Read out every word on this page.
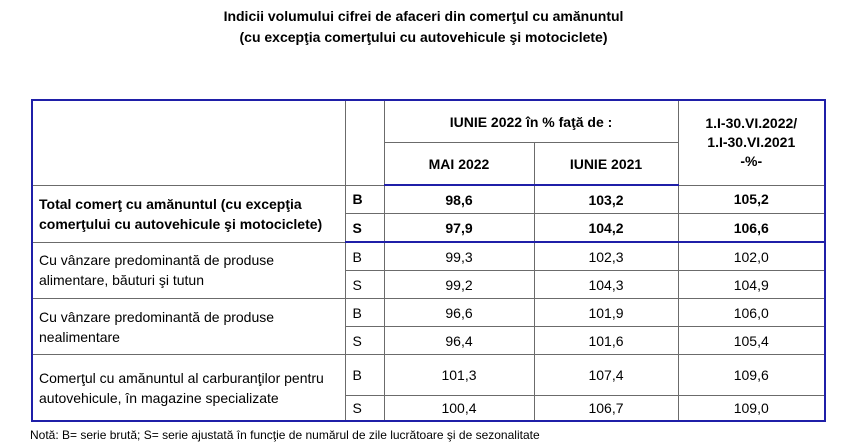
Indicii volumului cifrei de afaceri din comerţul cu amănuntul
(cu excepţia comerţului cu autovehicule şi motociclete)
		IUNIE 2022 în % faţă de :		1.I-30.VI.2022/
1.I-30.VI.2021
-%-

		MAI 2022	IUNIE 2021	
Total comerţ cu amănuntul (cu excepţia comerţului cu autovehicule şi motociclete)	B	98,6	103,2	105,2
	S	97,9	104,2	106,6
Cu vânzare predominantă de produse alimentare, băuturi şi tutun	B	99,3	102,3	102,0
	S	99,2	104,3	104,9
Cu vânzare predominantă de produse nealimentare	B	96,6	101,9	106,0
	S	96,4	101,6	105,4
Comerţul cu amănuntul al carburanţilor pentru autovehicule, în magazine specializate	B	101,3	107,4	109,6
	S	100,4	106,7	109,0
Notă: B= serie brută; S= serie ajustată în funcţie de numărul de zile lucrătoare şi de sezonalitate
